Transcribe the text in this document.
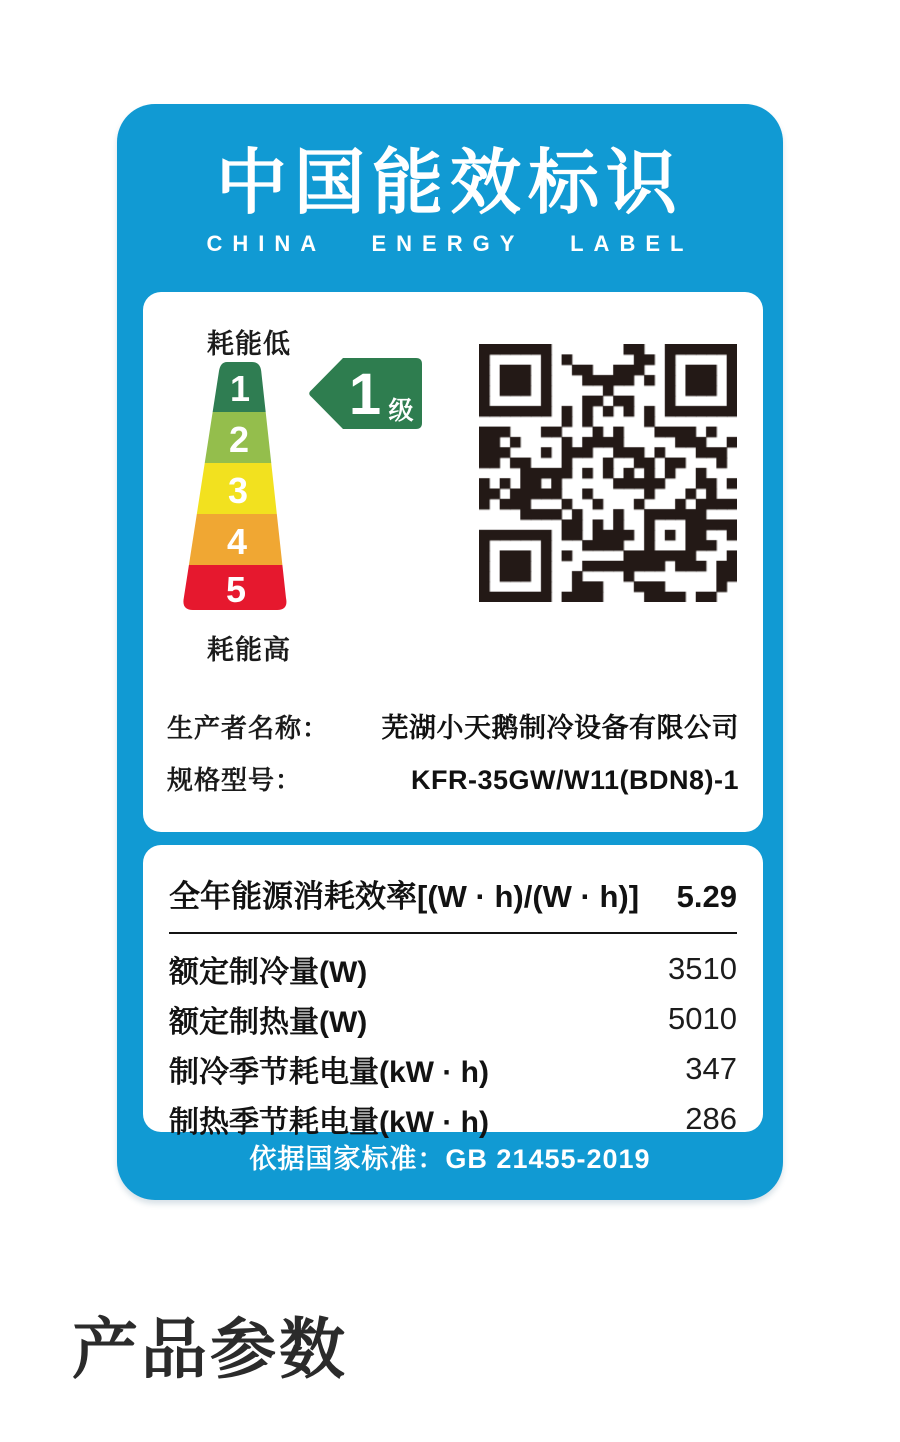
中国能效标识
CHINA ENERGY LABEL
耗能低
1
2
3
4
5
1 级
耗能高
生产者名称： 芜湖小天鹅制冷设备有限公司
规格型号：	KFR-35GW/W11(BDN8)-1
全年能源消耗效率[(W · h)/(W · h)] 5.29
额定制冷量(W)	3510
额定制热量(W)	5010
制冷季节耗电量(kW · h)	347
制热季节耗电量(kW · h)	286
依据国家标准：GB 21455-2019
产品参数
